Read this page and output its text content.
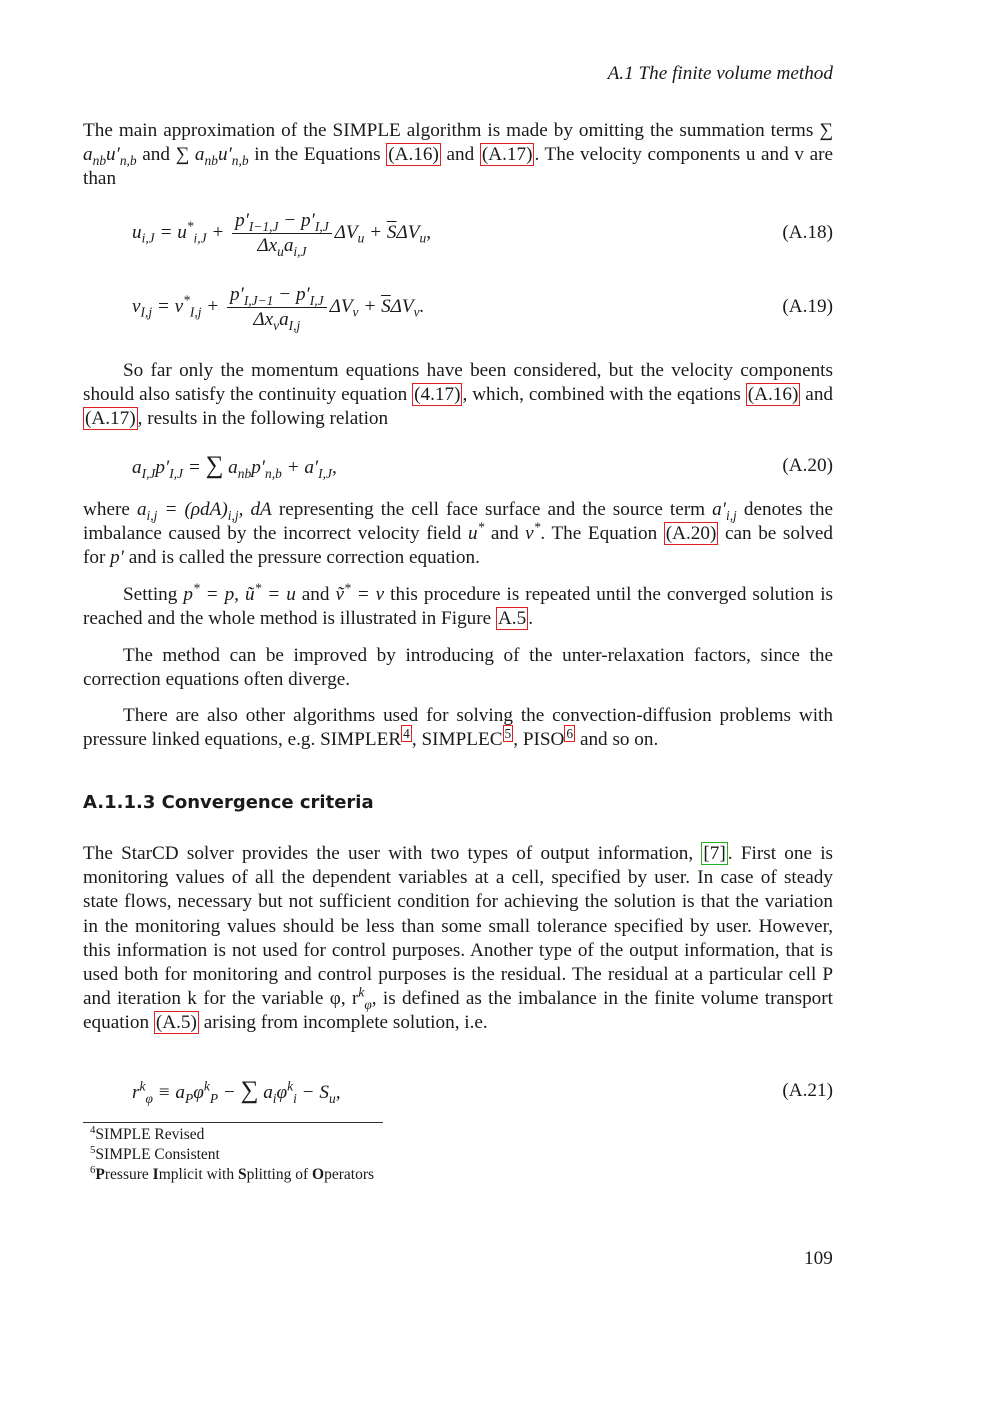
A.1 The finite volume method

The main approximation of the SIMPLE algorithm is made by omitting the summation terms ∑ $a_{nb}u'_{n,b}$ and ∑ $a_{nb}u'_{n,b}$ in the Equations (A.16) and (A.17) . The velocity components u and v are than

$u_{i,J} = u^*_{i,J} + \frac{p'_{I-1,J} - p'_{I,J}}{\Delta x_ua_{i,J}} \Delta V_u + \overline{S}\Delta V_u$,	(A.18)
$v_{I,j} = v^*_{I,j} + \frac{p'_{I,J-1} - p'_{I,J}}{\Delta x_va_{I,j}} \Delta V_v + \overline{S}\Delta V_v$.	(A.19)

So far only the momentum equations have been considered, but the velocity components should also satisfy the continuity equation (4.17) , which, combined with the eqations (A.16) and (A.17) , results in the following relation

$a_{I,J}p'_{I,J}$ = ∑ $a_{nb}p'_{n,b} + a'_{I,J}$,	(A.20)

where $a_{i,j} = (\rho dA)_{i,j}$, dA representing the cell face surface and the source term $a'_{i,j}$ denotes the imbalance caused by the incorrect velocity field u* and v*. The Equation (A.20) can be solved for p′ and is called the pressure correction equation.

Setting p* = p, ũ* = u and ṽ* = v this procedure is repeated until the converged solution is reached and the whole method is illustrated in Figure A.5 .

The method can be improved by introducing of the unter-relaxation factors, since the correction equations often diverge.

There are also other algorithms used for solving the convection-diffusion problems with pressure linked equations, e.g. SIMPLER $^4$ , SIMPLEC $^5$ , PISO $^6$ and so on.

A.1.1.3 Convergence criteria

The StarCD solver provides the user with two types of output information, [7] . First one is monitoring values of all the dependent variables at a cell, specified by user. In case of steady state flows, necessary but not sufficient condition for achieving the solution is that the variation in the monitoring values should be less than some small tolerance specified by user. However, this information is not used for control purposes. Another type of the output information, that is used both for monitoring and control purposes is the residual. The residual at a particular cell P and iteration k for the variable φ, $r^k_\varphi$, is defined as the imbalance in the finite volume transport equation (A.5) arising from incomplete solution, i.e.

$r^k_\varphi \equiv a_P\varphi^k_P$ − ∑ $a_i\varphi^k_i - S_u$,	(A.21)
$^4$SIMPLE Revised
$^5$SIMPLE Consistent
$^6$Pressure Implicit with Splitting of Operators
109
